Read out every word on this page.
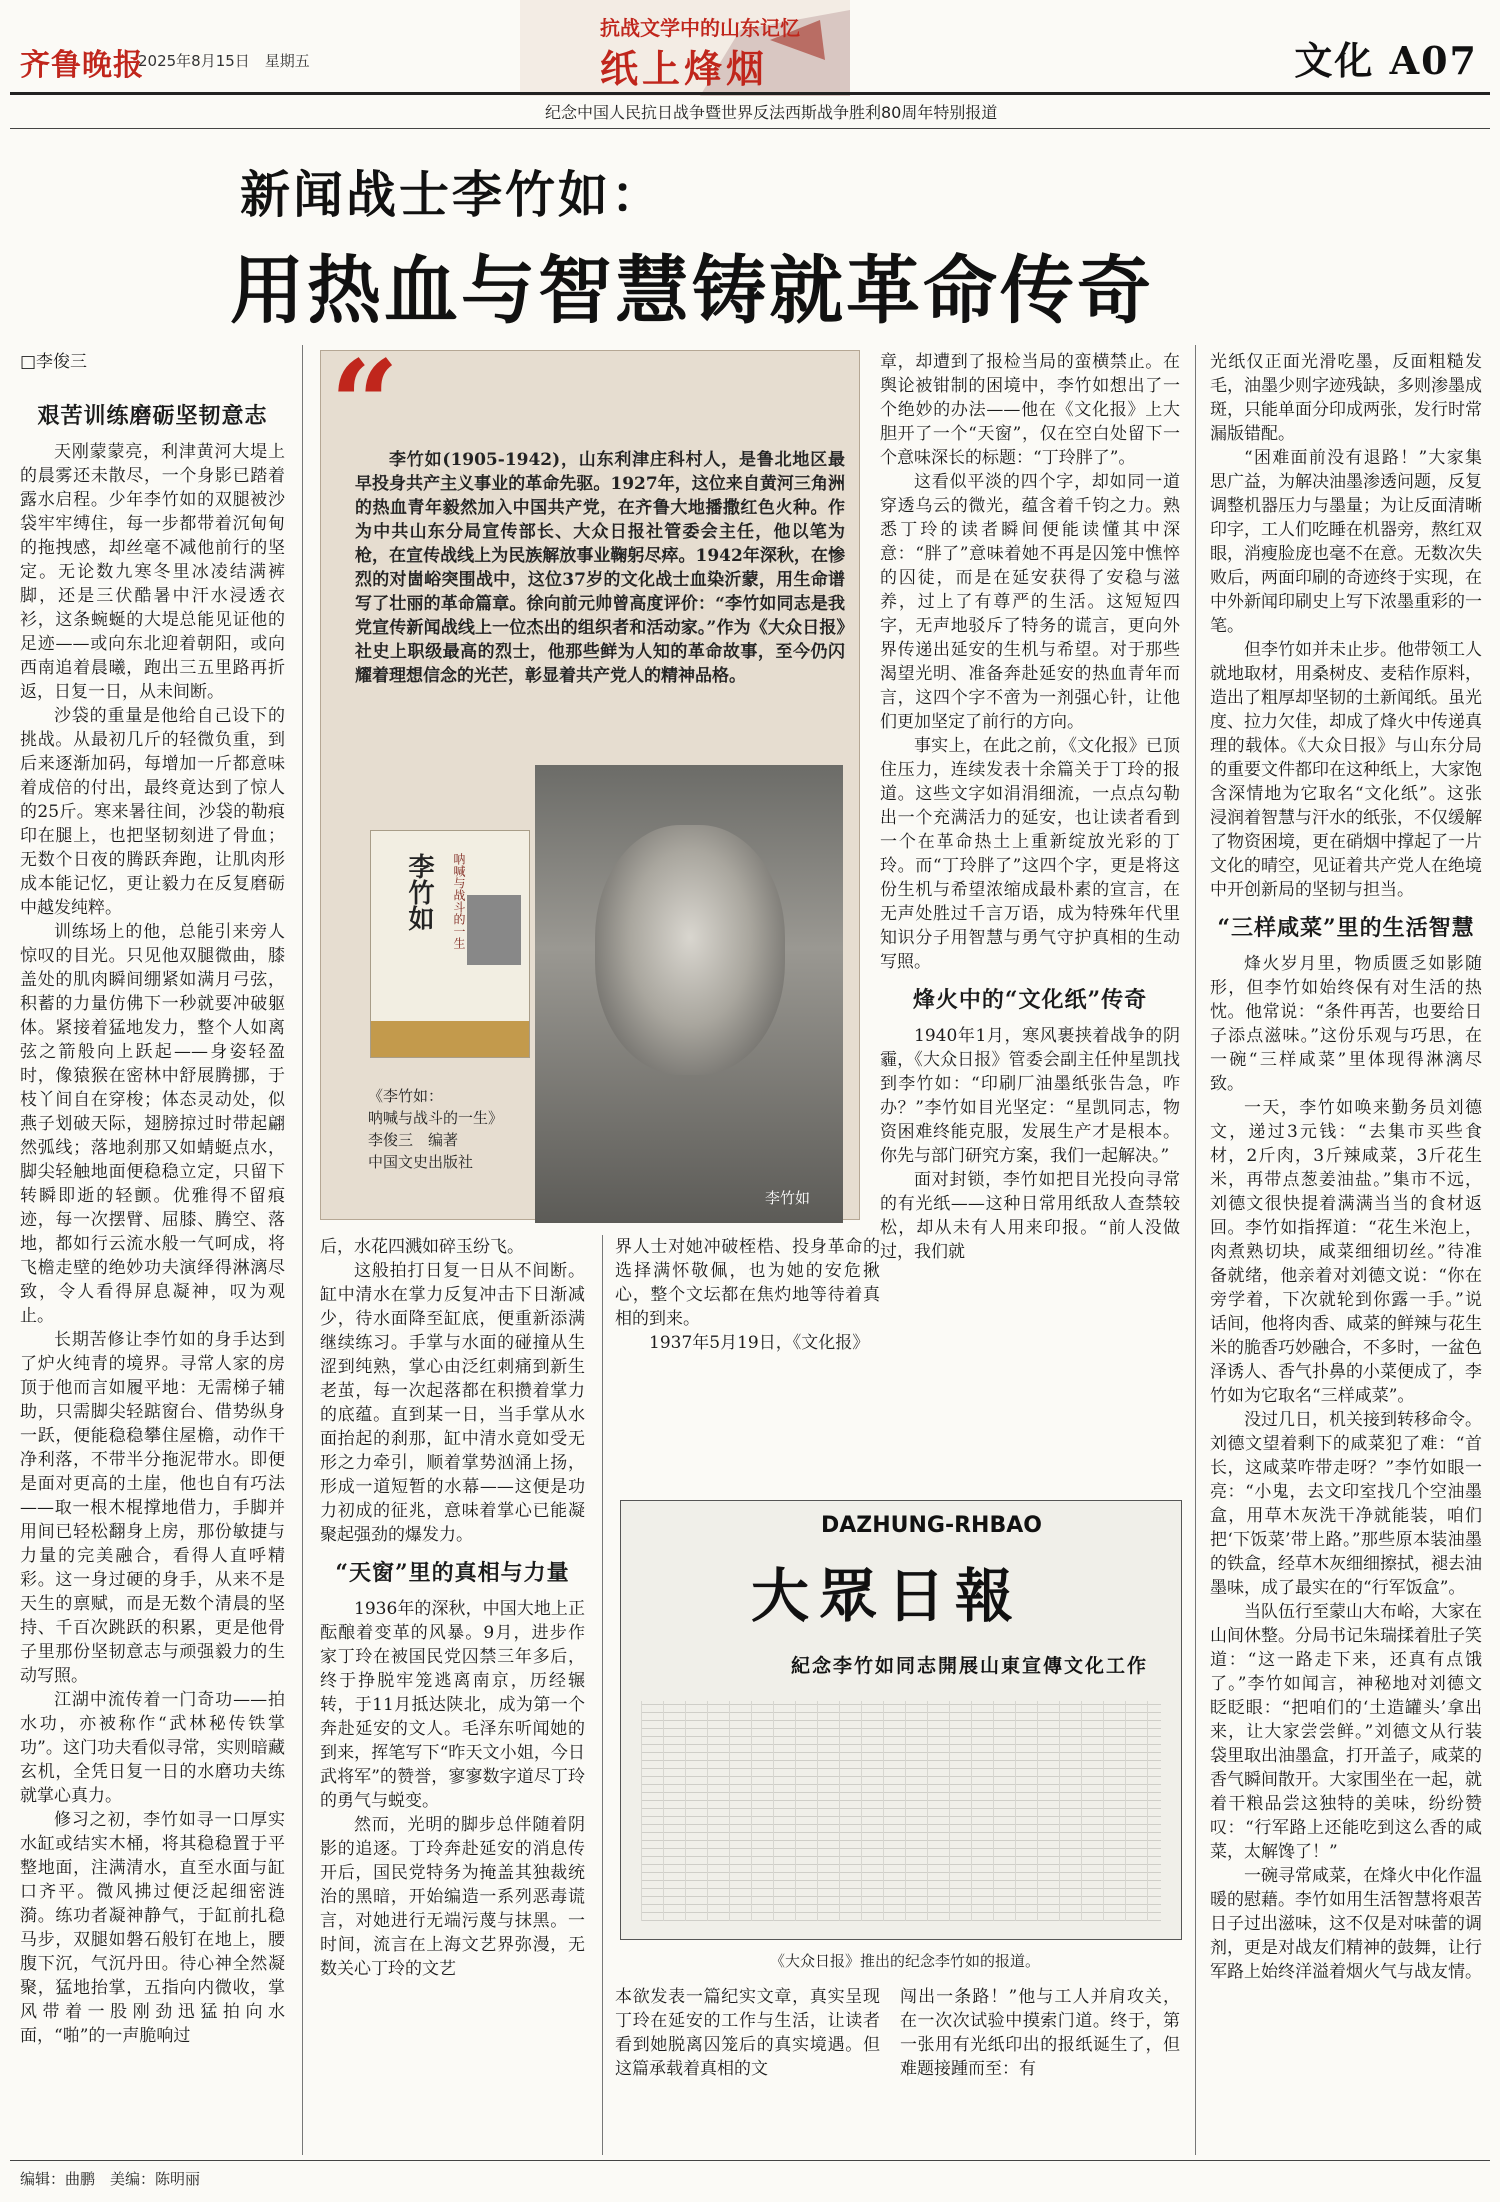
齐鲁晚报
2025年8月15日　星期五
抗战文学中的山东记忆
纸上烽烟	文化 A07
纪念中国人民抗日战争暨世界反法西斯战争胜利80周年特别报道
新闻战士李竹如：
用热血与智慧铸就革命传奇

□李俊三

艰苦训练磨砺坚韧意志

天刚蒙蒙亮，利津黄河大堤上的晨雾还未散尽，一个身影已踏着露水启程。少年李竹如的双腿被沙袋牢牢缚住，每一步都带着沉甸甸的拖拽感，却丝毫不减他前行的坚定。无论数九寒冬里冰凌结满裤脚，还是三伏酷暑中汗水浸透衣衫，这条蜿蜒的大堤总能见证他的足迹——或向东北迎着朝阳，或向西南追着晨曦，跑出三五里路再折返，日复一日，从未间断。

沙袋的重量是他给自己设下的挑战。从最初几斤的轻微负重，到后来逐渐加码，每增加一斤都意味着成倍的付出，最终竟达到了惊人的25斤。寒来暑往间，沙袋的勒痕印在腿上，也把坚韧刻进了骨血；无数个日夜的腾跃奔跑，让肌肉形成本能记忆，更让毅力在反复磨砺中越发纯粹。

训练场上的他，总能引来旁人惊叹的目光。只见他双腿微曲，膝盖处的肌肉瞬间绷紧如满月弓弦，积蓄的力量仿佛下一秒就要冲破躯体。紧接着猛地发力，整个人如离弦之箭般向上跃起——身姿轻盈时，像猿猴在密林中舒展腾挪，于枝丫间自在穿梭；体态灵动处，似燕子划破天际，翅膀掠过时带起翩然弧线；落地刹那又如蜻蜓点水，脚尖轻触地面便稳稳立定，只留下转瞬即逝的轻颤。优雅得不留痕迹，每一次摆臂、屈膝、腾空、落地，都如行云流水般一气呵成，将飞檐走壁的绝妙功夫演绎得淋漓尽致，令人看得屏息凝神，叹为观止。

长期苦修让李竹如的身手达到了炉火纯青的境界。寻常人家的房顶于他而言如履平地：无需梯子辅助，只需脚尖轻踮窗台、借势纵身一跃，便能稳稳攀住屋檐，动作干净利落，不带半分拖泥带水。即便是面对更高的土崖，他也自有巧法——取一根木棍撑地借力，手脚并用间已轻松翻身上房，那份敏捷与力量的完美融合，看得人直呼精彩。这一身过硬的身手，从来不是天生的禀赋，而是无数个清晨的坚持、千百次跳跃的积累，更是他骨子里那份坚韧意志与顽强毅力的生动写照。

江湖中流传着一门奇功——拍水功，亦被称作“武林秘传铁掌功”。这门功夫看似寻常，实则暗藏玄机，全凭日复一日的水磨功夫练就掌心真力。

修习之初，李竹如寻一口厚实水缸或结实木桶，将其稳稳置于平整地面，注满清水，直至水面与缸口齐平。微风拂过便泛起细密涟漪。练功者凝神静气，于缸前扎稳马步，双腿如磐石般钉在地上，腰腹下沉，气沉丹田。待心神全然凝聚，猛地抬掌，五指向内微收，掌风带着一股刚劲迅猛拍向水面，“啪”的一声脆响过

“

李竹如(1905-1942)，山东利津庄科村人，是鲁北地区最早投身共产主义事业的革命先驱。1927年，这位来自黄河三角洲的热血青年毅然加入中国共产党，在齐鲁大地播撒红色火种。作为中共山东分局宣传部长、大众日报社管委会主任，他以笔为枪，在宣传战线上为民族解放事业鞠躬尽瘁。1942年深秋，在惨烈的对崮峪突围战中，这位37岁的文化战士血染沂蒙，用生命谱写了壮丽的革命篇章。徐向前元帅曾高度评价：“李竹如同志是我党宣传新闻战线上一位杰出的组织者和活动家。”作为《大众日报》社史上职级最高的烈士，他那些鲜为人知的革命故事，至今仍闪耀着理想信念的光芒，彰显着共产党人的精神品格。

李竹如	呐喊与战斗的一生
《李竹如：
呐喊与战斗的一生》
李俊三　编著
中国文史出版社
李竹如

后，水花四溅如碎玉纷飞。

这般拍打日复一日从不间断。缸中清水在掌力反复冲击下日渐减少，待水面降至缸底，便重新添满继续练习。手掌与水面的碰撞从生涩到纯熟，掌心由泛红刺痛到新生老茧，每一次起落都在积攒着掌力的底蕴。直到某一日，当手掌从水面抬起的刹那，缸中清水竟如受无形之力牵引，顺着掌势汹涌上扬，形成一道短暂的水幕——这便是功力初成的征兆，意味着掌心已能凝聚起强劲的爆发力。

“天窗”里的真相与力量

1936年的深秋，中国大地上正酝酿着变革的风暴。9月，进步作家丁玲在被国民党囚禁三年多后，终于挣脱牢笼逃离南京，历经辗转，于11月抵达陕北，成为第一个奔赴延安的文人。毛泽东听闻她的到来，挥笔写下“昨天文小姐，今日武将军”的赞誉，寥寥数字道尽丁玲的勇气与蜕变。

然而，光明的脚步总伴随着阴影的追逐。丁玲奔赴延安的消息传开后，国民党特务为掩盖其独裁统治的黑暗，开始编造一系列恶毒谎言，对她进行无端污蔑与抹黑。一时间，流言在上海文艺界弥漫，无数关心丁玲的文艺

界人士对她冲破桎梏、投身革命的选择满怀敬佩，也为她的安危揪心，整个文坛都在焦灼地等待着真相的到来。

1937年5月19日，《文化报》

章，却遭到了报检当局的蛮横禁止。在舆论被钳制的困境中，李竹如想出了一个绝妙的办法——他在《文化报》上大胆开了一个“天窗”，仅在空白处留下一个意味深长的标题：“丁玲胖了”。

这看似平淡的四个字，却如同一道穿透乌云的微光，蕴含着千钧之力。熟悉丁玲的读者瞬间便能读懂其中深意：“胖了”意味着她不再是囚笼中憔悴的囚徒，而是在延安获得了安稳与滋养，过上了有尊严的生活。这短短四字，无声地驳斥了特务的谎言，更向外界传递出延安的生机与希望。对于那些渴望光明、准备奔赴延安的热血青年而言，这四个字不啻为一剂强心针，让他们更加坚定了前行的方向。

事实上，在此之前，《文化报》已顶住压力，连续发表十余篇关于丁玲的报道。这些文字如涓涓细流，一点点勾勒出一个充满活力的延安，也让读者看到一个在革命热土上重新绽放光彩的丁玲。而“丁玲胖了”这四个字，更是将这份生机与希望浓缩成最朴素的宣言，在无声处胜过千言万语，成为特殊年代里知识分子用智慧与勇气守护真相的生动写照。

烽火中的“文化纸”传奇

1940年1月，寒风裹挟着战争的阴霾，《大众日报》管委会副主任仲星凯找到李竹如：“印刷厂油墨纸张告急，咋办？”李竹如目光坚定：“星凯同志，物资困难终能克服，发展生产才是根本。你先与部门研究方案，我们一起解决。”

面对封锁，李竹如把目光投向寻常的有光纸——这种日常用纸敌人查禁较松，却从未有人用来印报。“前人没做过，我们就

DAZHUNG-RHBAO
大眾日報
紀念李竹如同志開展山東宣傳文化工作
《大众日报》推出的纪念李竹如的报道。

本欲发表一篇纪实文章，真实呈现丁玲在延安的工作与生活，让读者看到她脱离囚笼后的真实境遇。但这篇承载着真相的文

闯出一条路！”他与工人并肩攻关，在一次次试验中摸索门道。终于，第一张用有光纸印出的报纸诞生了，但难题接踵而至：有

光纸仅正面光滑吃墨，反面粗糙发毛，油墨少则字迹残缺，多则渗墨成斑，只能单面分印成两张，发行时常漏版错配。

“困难面前没有退路！”大家集思广益，为解决油墨渗透问题，反复调整机器压力与墨量；为让反面清晰印字，工人们吃睡在机器旁，熬红双眼，消瘦脸庞也毫不在意。无数次失败后，两面印刷的奇迹终于实现，在中外新闻印刷史上写下浓墨重彩的一笔。

但李竹如并未止步。他带领工人就地取材，用桑树皮、麦秸作原料，造出了粗厚却坚韧的土新闻纸。虽光度、拉力欠佳，却成了烽火中传递真理的载体。《大众日报》与山东分局的重要文件都印在这种纸上，大家饱含深情地为它取名“文化纸”。这张浸润着智慧与汗水的纸张，不仅缓解了物资困境，更在硝烟中撑起了一片文化的晴空，见证着共产党人在绝境中开创新局的坚韧与担当。

“三样咸菜”里的生活智慧

烽火岁月里，物质匮乏如影随形，但李竹如始终保有对生活的热忱。他常说：“条件再苦，也要给日子添点滋味。”这份乐观与巧思，在一碗“三样咸菜”里体现得淋漓尽致。

一天，李竹如唤来勤务员刘德文，递过3元钱：“去集市买些食材，2斤肉，3斤辣咸菜，3斤花生米，再带点葱姜油盐。”集市不远，刘德文很快提着满满当当的食材返回。李竹如指挥道：“花生米泡上，肉煮熟切块，咸菜细细切丝。”待准备就绪，他亲着对刘德文说：“你在旁学着，下次就轮到你露一手。”说话间，他将肉香、咸菜的鲜辣与花生米的脆香巧妙融合，不多时，一盆色泽诱人、香气扑鼻的小菜便成了，李竹如为它取名“三样咸菜”。

没过几日，机关接到转移命令。刘德文望着剩下的咸菜犯了难：“首长，这咸菜咋带走呀？”李竹如眼一亮：“小鬼，去文印室找几个空油墨盒，用草木灰洗干净就能装，咱们把‘下饭菜’带上路。”那些原本装油墨的铁盒，经草木灰细细擦拭，褪去油墨味，成了最实在的“行军饭盒”。

当队伍行至蒙山大布峪，大家在山间休整。分局书记朱瑞揉着肚子笑道：“这一路走下来，还真有点饿了。”李竹如闻言，神秘地对刘德文眨眨眼：“把咱们的‘土造罐头’拿出来，让大家尝尝鲜。”刘德文从行装袋里取出油墨盒，打开盖子，咸菜的香气瞬间散开。大家围坐在一起，就着干粮品尝这独特的美味，纷纷赞叹：“行军路上还能吃到这么香的咸菜，太解馋了！”

一碗寻常咸菜，在烽火中化作温暖的慰藉。李竹如用生活智慧将艰苦日子过出滋味，这不仅是对味蕾的调剂，更是对战友们精神的鼓舞，让行军路上始终洋溢着烟火气与战友情。

编辑：曲鹏　美编：陈明丽
